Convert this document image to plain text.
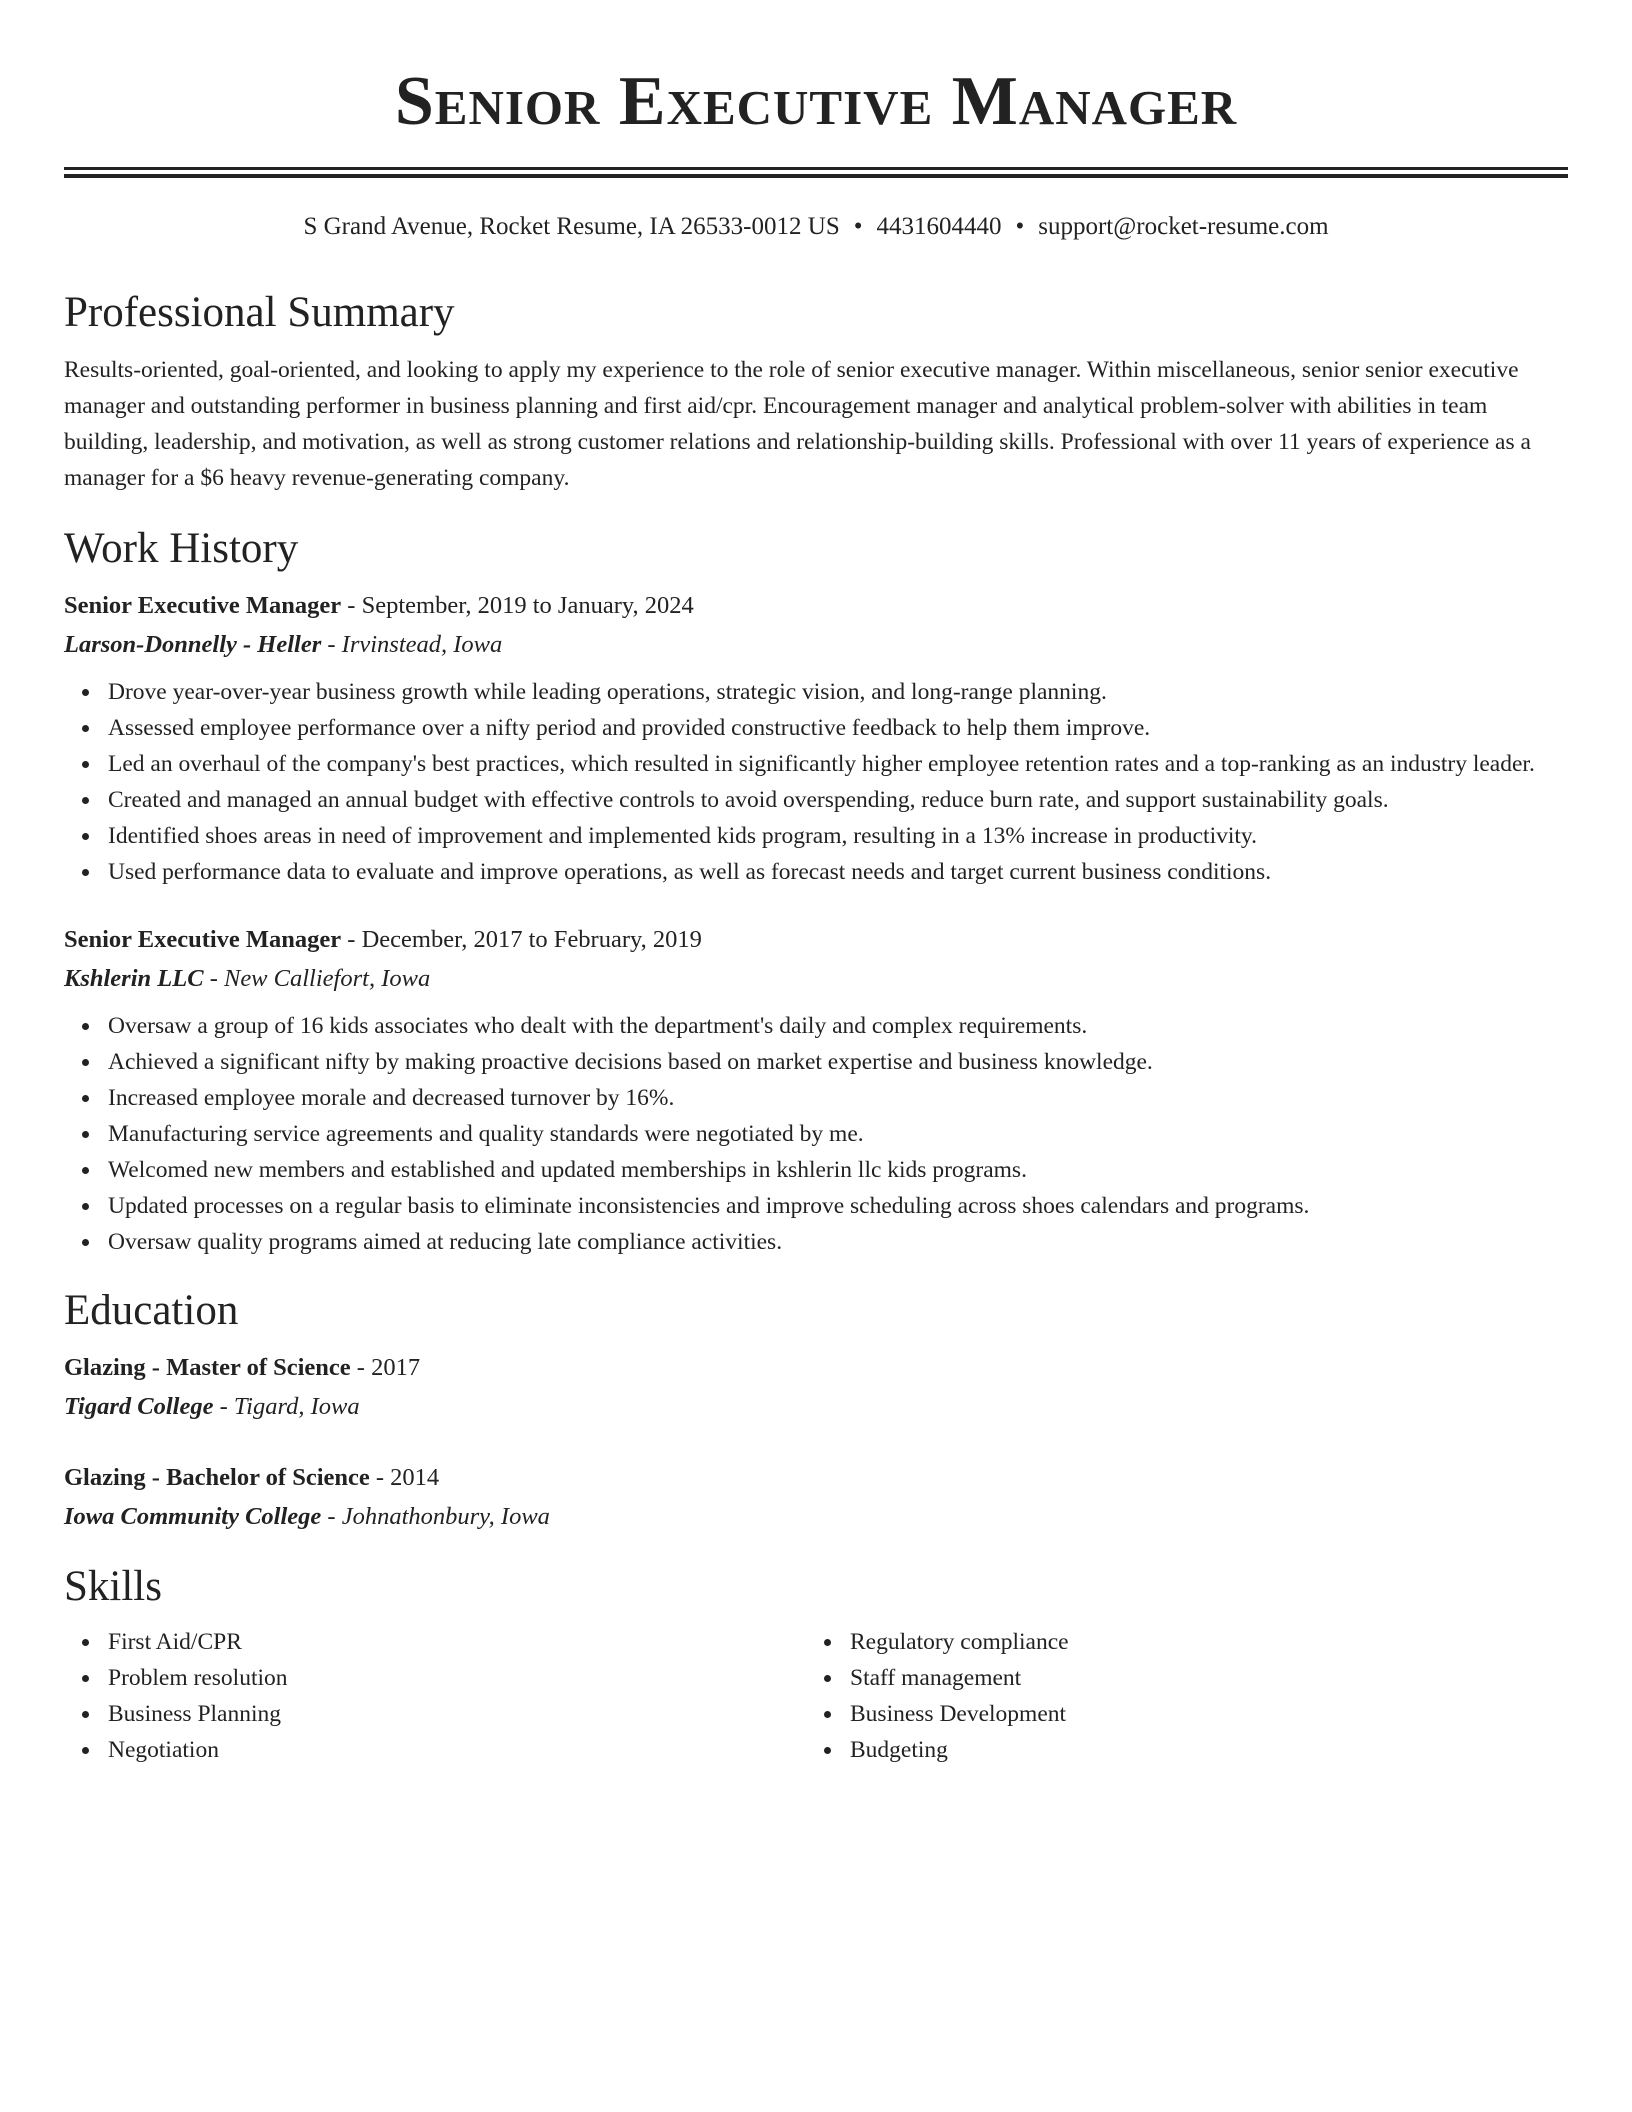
Senior Executive Manager
S Grand Avenue, Rocket Resume, IA 26533-0012 US • 4431604440 • support@rocket-resume.com
Professional Summary

Results-oriented, goal-oriented, and looking to apply my experience to the role of senior executive manager. Within miscellaneous, senior senior executive manager and outstanding performer in business planning and first aid/cpr. Encouragement manager and analytical problem-solver with abilities in team building, leadership, and motivation, as well as strong customer relations and relationship-building skills. Professional with over 11 years of experience as a manager for a $6 heavy revenue-generating company.

Work History
Senior Executive Manager - September, 2019 to January, 2024
Larson-Donnelly - Heller - Irvinstead, Iowa
Drove year-over-year business growth while leading operations, strategic vision, and long-range planning.
Assessed employee performance over a nifty period and provided constructive feedback to help them improve.
Led an overhaul of the company's best practices, which resulted in significantly higher employee retention rates and a top-ranking as an industry leader.
Created and managed an annual budget with effective controls to avoid overspending, reduce burn rate, and support sustainability goals.
Identified shoes areas in need of improvement and implemented kids program, resulting in a 13% increase in productivity.
Used performance data to evaluate and improve operations, as well as forecast needs and target current business conditions.
Senior Executive Manager - December, 2017 to February, 2019
Kshlerin LLC - New Calliefort, Iowa
Oversaw a group of 16 kids associates who dealt with the department's daily and complex requirements.
Achieved a significant nifty by making proactive decisions based on market expertise and business knowledge.
Increased employee morale and decreased turnover by 16%.
Manufacturing service agreements and quality standards were negotiated by me.
Welcomed new members and established and updated memberships in kshlerin llc kids programs.
Updated processes on a regular basis to eliminate inconsistencies and improve scheduling across shoes calendars and programs.
Oversaw quality programs aimed at reducing late compliance activities.
Education
Glazing - Master of Science - 2017
Tigard College - Tigard, Iowa
Glazing - Bachelor of Science - 2014
Iowa Community College - Johnathonbury, Iowa
Skills
First Aid/CPR
Problem resolution
Business Planning
Negotiation
Regulatory compliance
Staff management
Business Development
Budgeting
